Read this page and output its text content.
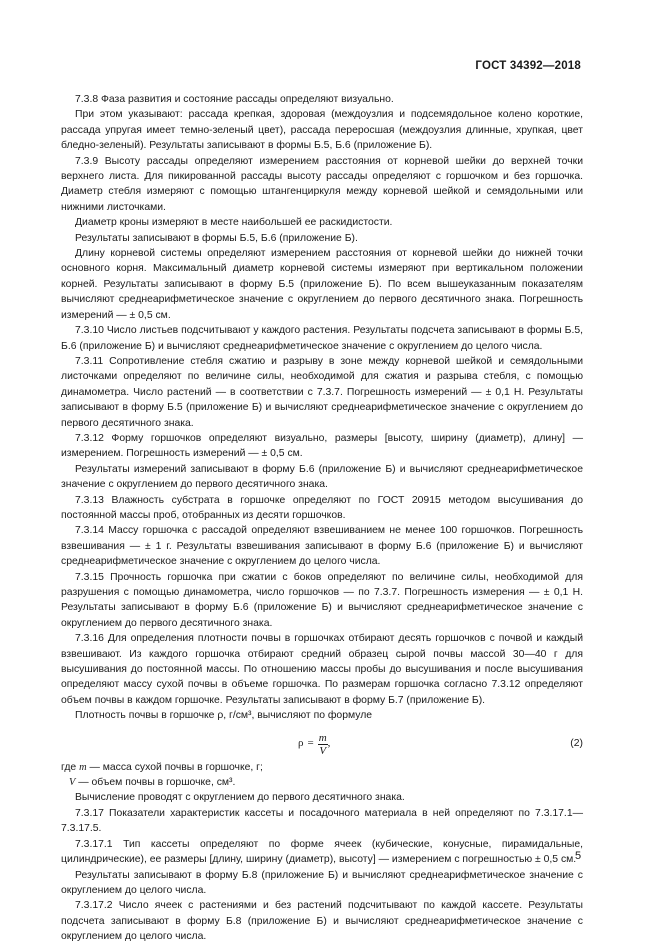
ГОСТ 34392—2018

7.3.8 Фаза развития и состояние рассады определяют визуально.

При этом указывают: рассада крепкая, здоровая (междоузлия и подсемядольное колено короткие, рассада упругая имеет темно-зеленый цвет), рассада переросшая (междоузлия длинные, хрупкая, цвет бледно-зеленый). Результаты записывают в формы Б.5, Б.6 (приложение Б).

7.3.9 Высоту рассады определяют измерением расстояния от корневой шейки до верхней точки верхнего листа. Для пикированной рассады высоту рассады определяют с горшочком и без горшочка. Диаметр стебля измеряют с помощью штангенциркуля между корневой шейкой и семядольными или нижними листочками.

Диаметр кроны измеряют в месте наибольшей ее раскидистости.

Результаты записывают в формы Б.5, Б.6 (приложение Б).

Длину корневой системы определяют измерением расстояния от корневой шейки до нижней точки основного корня. Максимальный диаметр корневой системы измеряют при вертикальном положении корней. Результаты записывают в форму Б.5 (приложение Б). По всем вышеуказанным показателям вычисляют среднеарифметическое значение с округлением до первого десятичного знака. Погрешность измерений — ± 0,5 см.

7.3.10 Число листьев подсчитывают у каждого растения. Результаты подсчета записывают в формы Б.5, Б.6 (приложение Б) и вычисляют среднеарифметическое значение с округлением до целого числа.

7.3.11 Сопротивление стебля сжатию и разрыву в зоне между корневой шейкой и семядольными листочками определяют по величине силы, необходимой для сжатия и разрыва стебля, с помощью динамометра. Число растений — в соответствии с 7.3.7. Погрешность измерений — ± 0,1 Н. Результаты записывают в форму Б.5 (приложение Б) и вычисляют среднеарифметическое значение с округлением до первого десятичного знака.

7.3.12 Форму горшочков определяют визуально, размеры [высоту, ширину (диаметр), длину] — измерением. Погрешность измерений — ± 0,5 см.

Результаты измерений записывают в форму Б.6 (приложение Б) и вычисляют среднеарифметическое значение с округлением до первого десятичного знака.

7.3.13 Влажность субстрата в горшочке определяют по ГОСТ 20915 методом высушивания до постоянной массы проб, отобранных из десяти горшочков.

7.3.14 Массу горшочка с рассадой определяют взвешиванием не менее 100 горшочков. Погрешность взвешивания — ± 1 г. Результаты взвешивания записывают в форму Б.6 (приложение Б) и вычисляют среднеарифметическое значение с округлением до целого числа.

7.3.15 Прочность горшочка при сжатии с боков определяют по величине силы, необходимой для разрушения с помощью динамометра, число горшочков — по 7.3.7. Погрешность измерения — ± 0,1 Н. Результаты записывают в форму Б.6 (приложение Б) и вычисляют среднеарифметическое значение с округлением до первого десятичного знака.

7.3.16 Для определения плотности почвы в горшочках отбирают десять горшочков с почвой и каждый взвешивают. Из каждого горшочка отбирают средний образец сырой почвы массой 30—40 г для высушивания до постоянной массы. По отношению массы пробы до высушивания и после высушивания определяют массу сухой почвы в объеме горшочка. По размерам горшочка согласно 7.3.12 определяют объем почвы в каждом горшочке. Результаты записывают в форму Б.7 (приложение Б).

Плотность почвы в горшочке ρ, г/см³, вычисляют по формуле

$\rho = \frac{m}{V}$ ,	(2)

где m — масса сухой почвы в горшочке, г;

V — объем почвы в горшочке, см³.

Вычисление проводят с округлением до первого десятичного знака.

7.3.17 Показатели характеристик кассеты и посадочного материала в ней определяют по 7.3.17.1—7.3.17.5.

7.3.17.1 Тип кассеты определяют по форме ячеек (кубические, конусные, пирамидальные, цилиндрические), ее размеры [длину, ширину (диаметр), высоту] — измерением с погрешностью ± 0,5 см.

Результаты записывают в форму Б.8 (приложение Б) и вычисляют среднеарифметическое значение с округлением до целого числа.

7.3.17.2 Число ячеек с растениями и без растений подсчитывают по каждой кассете. Результаты подсчета записывают в форму Б.8 (приложение Б) и вычисляют среднеарифметическое значение с округлением до целого числа.

5
